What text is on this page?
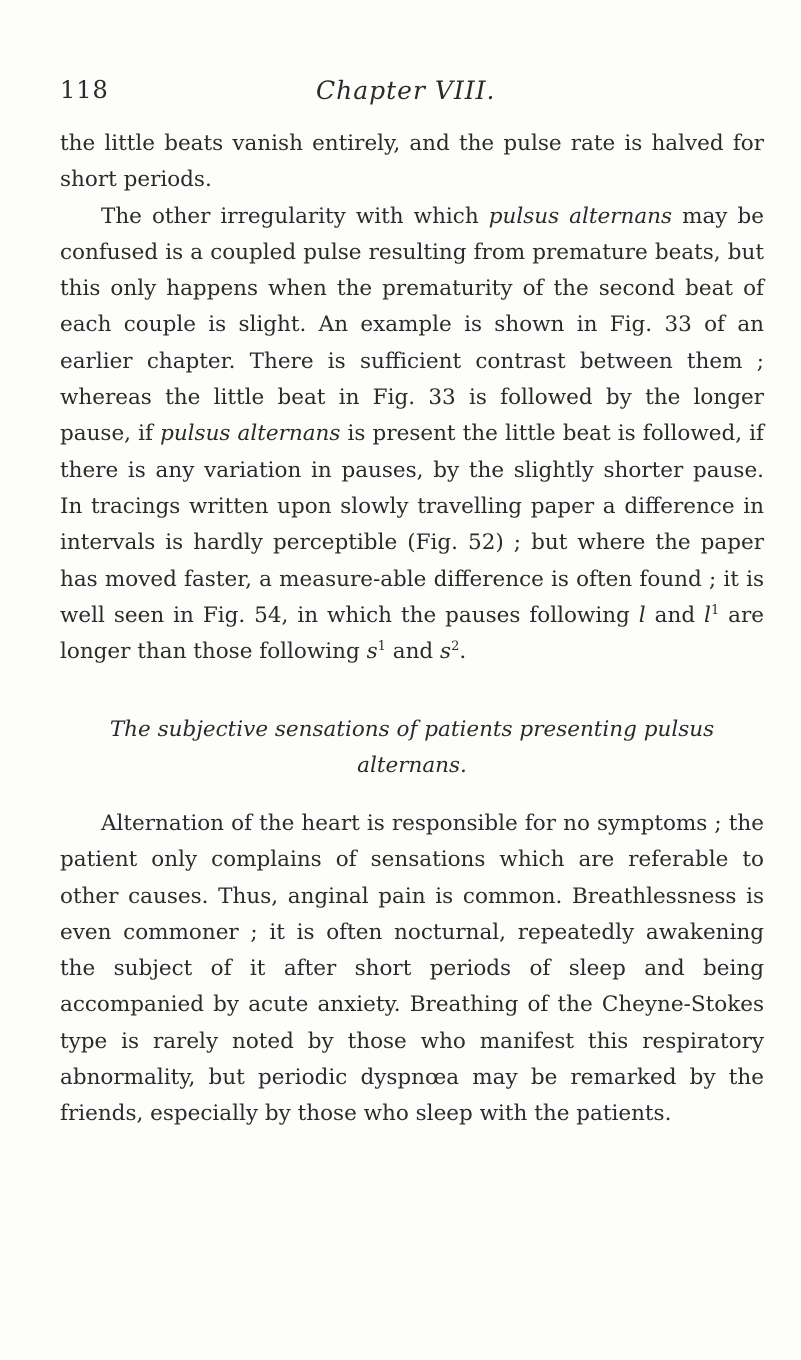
118	Chapter VIII.

the little beats vanish entirely, and the pulse rate is halved for short periods.

The other irregularity with which pulsus alternans may be confused is a coupled pulse resulting from premature beats, but this only happens when the prematurity of the second beat of each couple is slight. An example is shown in Fig. 33 of an earlier chapter. There is sufficient contrast between them ; whereas the little beat in Fig. 33 is followed by the longer pause, if pulsus alternans is present the little beat is followed, if there is any variation in pauses, by the slightly shorter pause. In tracings written upon slowly travelling paper a difference in intervals is hardly perceptible (Fig. 52) ; but where the paper has moved faster, a measure-able difference is often found ; it is well seen in Fig. 54, in which the pauses following l and $l^1$ are longer than those following $s^1$ and $s^2$.

The subjective sensations of patients presenting pulsus
alternans.

Alternation of the heart is responsible for no symptoms ; the patient only complains of sensations which are referable to other causes. Thus, anginal pain is common. Breathlessness is even commoner ; it is often nocturnal, repeatedly awakening the subject of it after short periods of sleep and being accompanied by acute anxiety. Breathing of the Cheyne-Stokes type is rarely noted by those who manifest this respiratory abnormality, but periodic dyspnœa may be remarked by the friends, especially by those who sleep with the patients.
